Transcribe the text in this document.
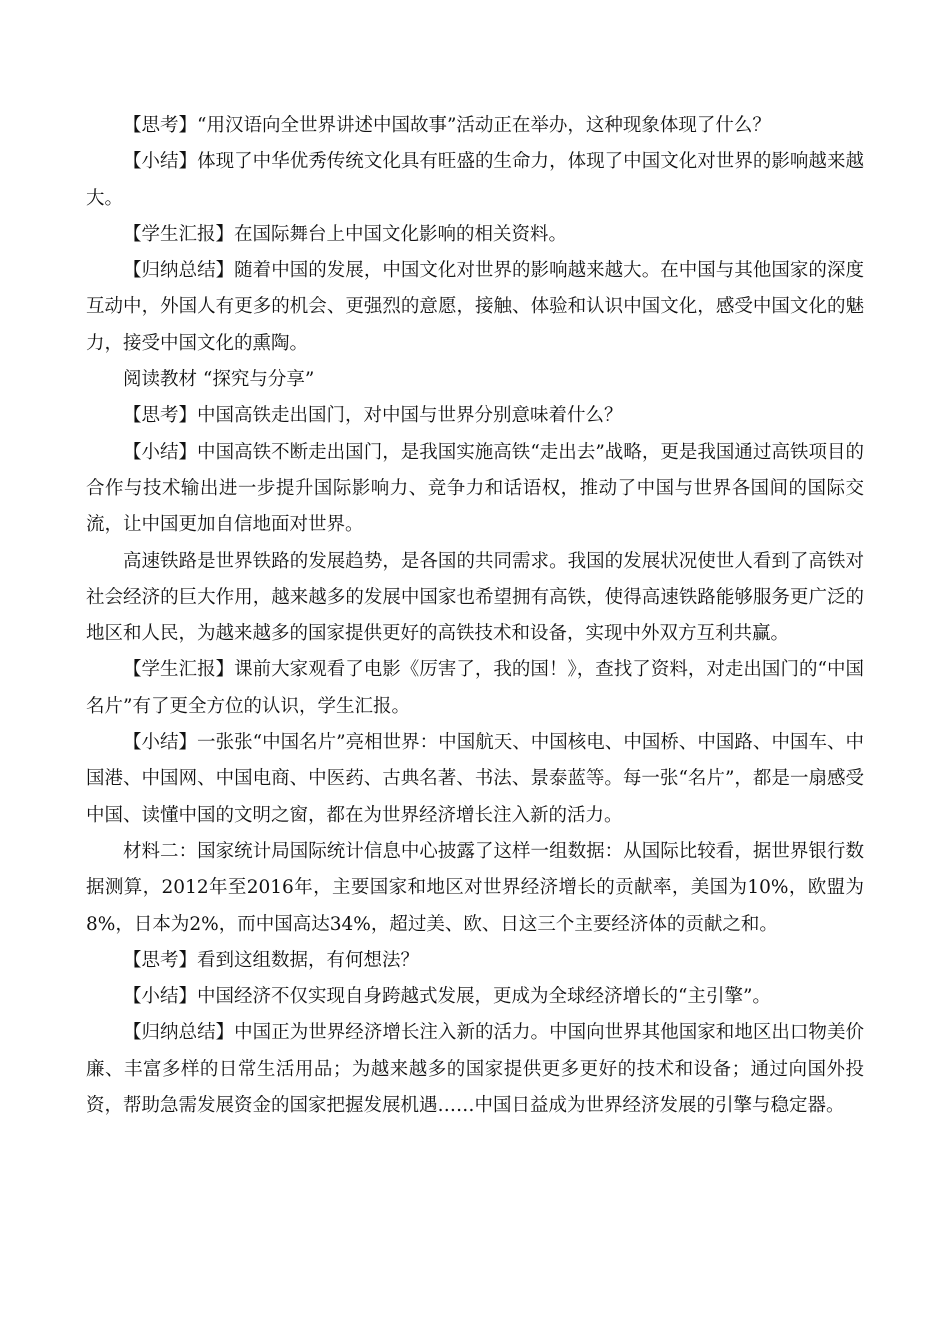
【思考】“用汉语向全世界讲述中国故事”活动正在举办，这种现象体现了什么？

【小结】体现了中华优秀传统文化具有旺盛的生命力，体现了中国文化对世界的影响越来越大。

【学生汇报】在国际舞台上中国文化影响的相关资料。

【归纳总结】随着中国的发展，中国文化对世界的影响越来越大。在中国与其他国家的深度互动中，外国人有更多的机会、更强烈的意愿，接触、体验和认识中国文化，感受中国文化的魅力，接受中国文化的熏陶。

阅读教材 “探究与分享”

【思考】中国高铁走出国门，对中国与世界分别意味着什么？

【小结】中国高铁不断走出国门，是我国实施高铁“走出去”战略，更是我国通过高铁项目的合作与技术输出进一步提升国际影响力、竞争力和话语权，推动了中国与世界各国间的国际交流，让中国更加自信地面对世界。

高速铁路是世界铁路的发展趋势，是各国的共同需求。我国的发展状况使世人看到了高铁对社会经济的巨大作用，越来越多的发展中国家也希望拥有高铁，使得高速铁路能够服务更广泛的地区和人民，为越来越多的国家提供更好的高铁技术和设备，实现中外双方互利共赢。

【学生汇报】课前大家观看了电影《厉害了，我的国！》，查找了资料，对走出国门的“中国名片”有了更全方位的认识，学生汇报。

【小结】一张张“中国名片”亮相世界：中国航天、中国核电、中国桥、中国路、中国车、中国港、中国网、中国电商、中医药、古典名著、书法、景泰蓝等。每一张“名片”，都是一扇感受中国、读懂中国的文明之窗，都在为世界经济增长注入新的活力。

材料二：国家统计局国际统计信息中心披露了这样一组数据：从国际比较看，据世界银行数据测算，2012年至2016年，主要国家和地区对世界经济增长的贡献率，美国为10%，欧盟为8%，日本为2%，而中国高达34%，超过美、欧、日这三个主要经济体的贡献之和。

【思考】看到这组数据，有何想法？

【小结】中国经济不仅实现自身跨越式发展，更成为全球经济增长的“主引擎”。

【归纳总结】中国正为世界经济增长注入新的活力。中国向世界其他国家和地区出口物美价廉、丰富多样的日常生活用品；为越来越多的国家提供更多更好的技术和设备；通过向国外投资，帮助急需发展资金的国家把握发展机遇……中国日益成为世界经济发展的引擎与稳定器。
